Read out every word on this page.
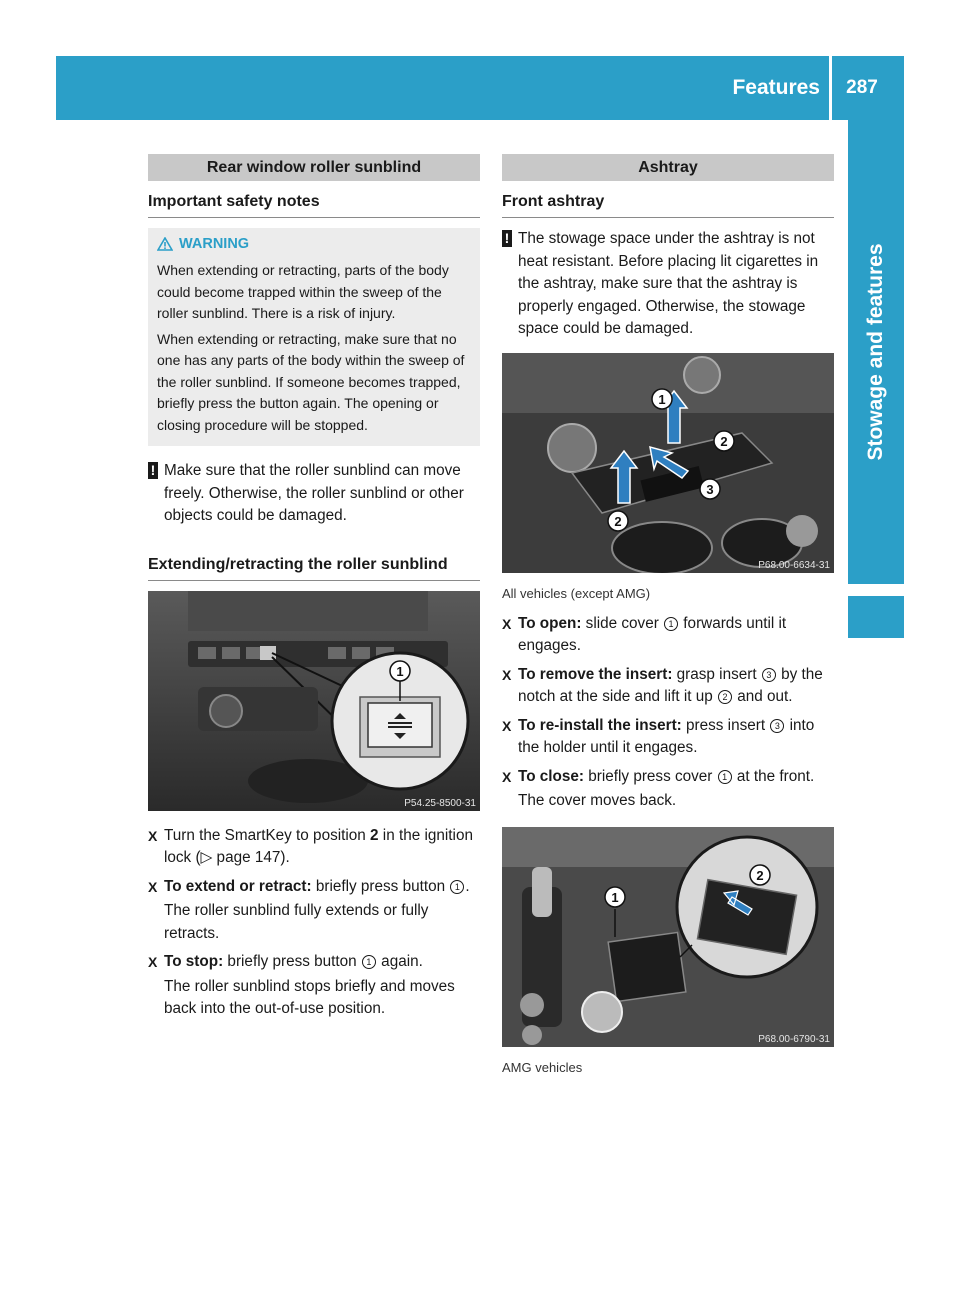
Features	287
Stowage and features
Rear window roller sunblind
Important safety notes
WARNING

When extending or retracting, parts of the body could become trapped within the sweep of the roller sunblind. There is a risk of injury.

When extending or retracting, make sure that no one has any parts of the body within the sweep of the roller sunblind. If someone becomes trapped, briefly press the button again. The opening or closing procedure will be stopped.

! Make sure that the roller sunblind can move freely. Otherwise, the roller sunblind or other objects could be damaged.
Extending/retracting the roller sunblind
1
P54.25-8500-31
X Turn the SmartKey to position 2 in the ignition lock (▷ page 147).
X To extend or retract: briefly press button 1 .
The roller sunblind fully extends or fully retracts.
X To stop: briefly press button 1 again.
The roller sunblind stops briefly and moves back into the out-of-use position.
Ashtray
Front ashtray
! The stowage space under the ashtray is not heat resistant. Before placing lit cigarettes in the ashtray, make sure that the ashtray is properly engaged. Otherwise, the stowage space could be damaged.
1
2
3
2
P68.00-6634-31
All vehicles (except AMG)
X To open: slide cover 1 forwards until it engages.
X To remove the insert: grasp insert 3 by the notch at the side and lift it up 2 and out.
X To re-install the insert: press insert 3 into the holder until it engages.
X To close: briefly press cover 1 at the front.
The cover moves back.
1
2
P68.00-6790-31
AMG vehicles
